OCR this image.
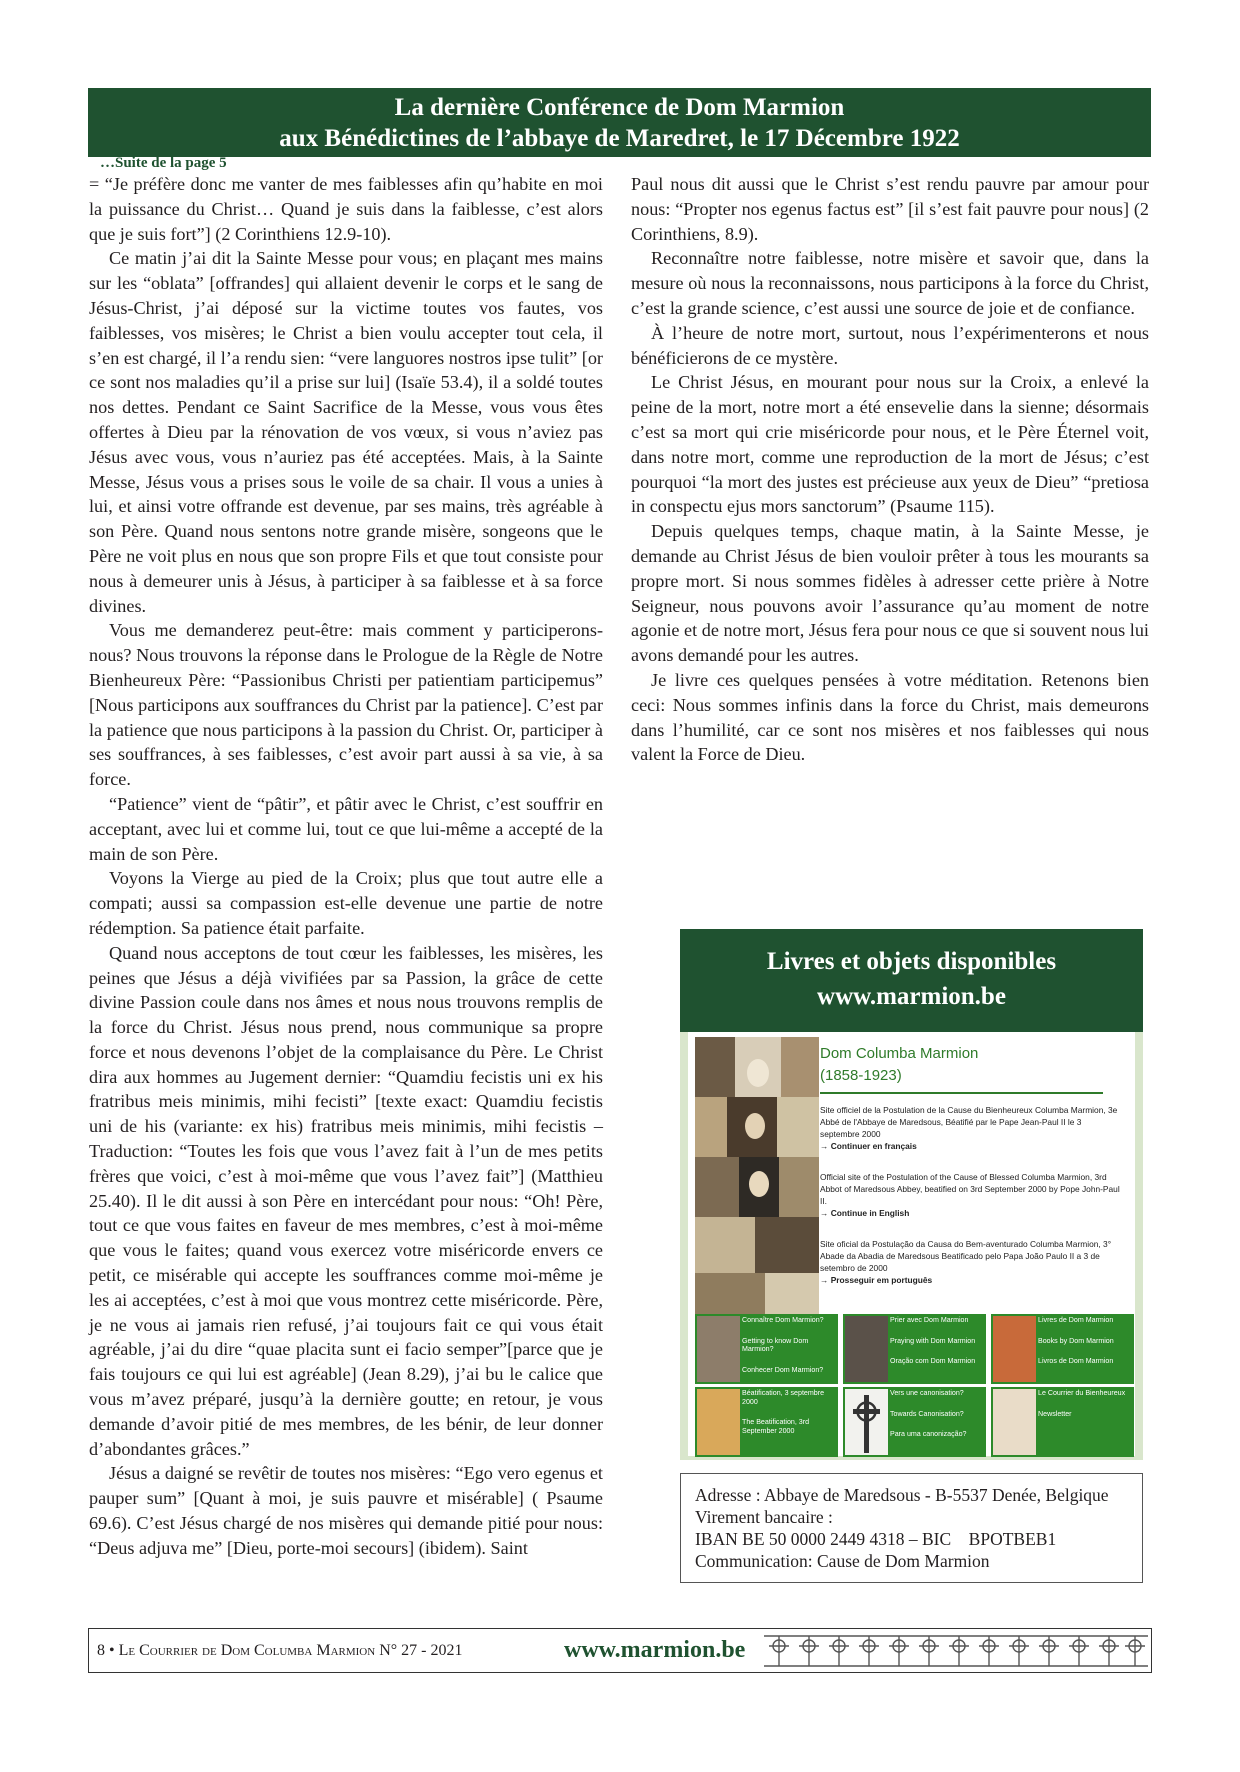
La dernière Conférence de Dom Marmion
aux Bénédictines de l’abbaye de Maredret, le 17 Décembre 1922
…Suite de la page 5

= “Je préfère donc me vanter de mes faiblesses afin qu’habite en moi la puissance du Christ… Quand je suis dans la faiblesse, c’est alors que je suis fort”] (2 Corinthiens 12.9-10).

Ce matin j’ai dit la Sainte Messe pour vous; en plaçant mes mains sur les “oblata” [offrandes] qui allaient devenir le corps et le sang de Jésus-Christ, j’ai déposé sur la victime toutes vos fautes, vos faiblesses, vos misères; le Christ a bien voulu accepter tout cela, il s’en est chargé, il l’a rendu sien: “vere languores nostros ipse tulit” [or ce sont nos maladies qu’il a prise sur lui] (Isaïe 53.4), il a soldé toutes nos dettes. Pendant ce Saint Sacrifice de la Messe, vous vous êtes offertes à Dieu par la rénovation de vos vœux, si vous n’aviez pas Jésus avec vous, vous n’auriez pas été acceptées. Mais, à la Sainte Messe, Jésus vous a prises sous le voile de sa chair. Il vous a unies à lui, et ainsi votre offrande est devenue, par ses mains, très agréable à son Père. Quand nous sentons notre grande misère, songeons que le Père ne voit plus en nous que son propre Fils et que tout consiste pour nous à demeurer unis à Jésus, à participer à sa faiblesse et à sa force divines.

Vous me demanderez peut-être: mais comment y participerons-nous? Nous trouvons la réponse dans le Prologue de la Règle de Notre Bienheureux Père: “Passionibus Christi per patientiam participemus” [Nous participons aux souffrances du Christ par la patience]. C’est par la patience que nous participons à la passion du Christ. Or, participer à ses souffrances, à ses faiblesses, c’est avoir part aussi à sa vie, à sa force.

“Patience” vient de “pâtir”, et pâtir avec le Christ, c’est souffrir en acceptant, avec lui et comme lui, tout ce que lui-même a accepté de la main de son Père.

Voyons la Vierge au pied de la Croix; plus que tout autre elle a compati; aussi sa compassion est-elle devenue une partie de notre rédemption. Sa patience était parfaite.

Quand nous acceptons de tout cœur les faiblesses, les misères, les peines que Jésus a déjà vivifiées par sa Passion, la grâce de cette divine Passion coule dans nos âmes et nous nous trouvons remplis de la force du Christ. Jésus nous prend, nous communique sa propre force et nous devenons l’objet de la complaisance du Père. Le Christ dira aux hommes au Jugement dernier: “Quamdiu fecistis uni ex his fratribus meis minimis, mihi fecisti” [texte exact: Quamdiu fecistis uni de his (variante: ex his) fratribus meis minimis, mihi fecistis – Traduction: “Toutes les fois que vous l’avez fait à l’un de mes petits frères que voici, c’est à moi-même que vous l’avez fait”] (Matthieu 25.40). Il le dit aussi à son Père en intercédant pour nous: “Oh! Père, tout ce que vous faites en faveur de mes membres, c’est à moi-même que vous le faites; quand vous exercez votre miséricorde envers ce petit, ce misérable qui accepte les souffrances comme moi-même je les ai acceptées, c’est à moi que vous montrez cette miséricorde. Père, je ne vous ai jamais rien refusé, j’ai toujours fait ce qui vous était agréable, j’ai du dire “quae placita sunt ei facio semper”[parce que je fais toujours ce qui lui est agréable] (Jean 8.29), j’ai bu le calice que vous m’avez préparé, jusqu’à la dernière goutte; en retour, je vous demande d’avoir pitié de mes membres, de les bénir, de leur donner d’abondantes grâces.”

Jésus a daigné se revêtir de toutes nos misères: “Ego vero egenus et pauper sum” [Quant à moi, je suis pauvre et misérable] ( Psaume 69.6). C’est Jésus chargé de nos misères qui demande pitié pour nous: “Deus adjuva me” [Dieu, porte-moi secours] (ibidem). Saint

Paul nous dit aussi que le Christ s’est rendu pauvre par amour pour nous: “Propter nos egenus factus est” [il s’est fait pauvre pour nous] (2 Corinthiens, 8.9).

Reconnaître notre faiblesse, notre misère et savoir que, dans la mesure où nous la reconnaissons, nous participons à la force du Christ, c’est la grande science, c’est aussi une source de joie et de confiance.

À l’heure de notre mort, surtout, nous l’expérimenterons et nous bénéficierons de ce mystère.

Le Christ Jésus, en mourant pour nous sur la Croix, a enlevé la peine de la mort, notre mort a été ensevelie dans la sienne; désormais c’est sa mort qui crie miséricorde pour nous, et le Père Éternel voit, dans notre mort, comme une reproduction de la mort de Jésus; c’est pourquoi “la mort des justes est précieuse aux yeux de Dieu” “pretiosa in conspectu ejus mors sanctorum” (Psaume 115).

Depuis quelques temps, chaque matin, à la Sainte Messe, je demande au Christ Jésus de bien vouloir prêter à tous les mourants sa propre mort. Si nous sommes fidèles à adresser cette prière à Notre Seigneur, nous pouvons avoir l’assurance qu’au moment de notre agonie et de notre mort, Jésus fera pour nous ce que si souvent nous lui avons demandé pour les autres.

Je livre ces quelques pensées à votre méditation. Retenons bien ceci: Nous sommes infinis dans la force du Christ, mais demeurons dans l’humilité, car ce sont nos misères et nos faiblesses qui nous valent la Force de Dieu.

Livres et objets disponibles
www.marmion.be
Dom Columba Marmion
(1858-1923)
Site officiel de la Postulation de la Cause du Bienheureux Columba Marmion, 3e Abbé de l'Abbaye de Maredsous, Béatifié par le Pape Jean-Paul II le 3 septembre 2000
→ Continuer en français
Official site of the Postulation of the Cause of Blessed Columba Marmion, 3rd Abbot of Maredsous Abbey, beatified on 3rd September 2000 by Pope John-Paul II.
→ Continue in English
Site oficial da Postulação da Causa do Bem-aventurado Columba Marmion, 3° Abade da Abadia de Maredsous Beatificado pelo Papa João Paulo II a 3 de setembro de 2000
→ Prosseguir em português
Connaître Dom Marmion?
Getting to know Dom Marmion?
Conhecer Dom Marmion?
Prier avec Dom Marmion
Praying with Dom Marmion
Oração com Dom Marmion
Livres de Dom Marmion
Books by Dom Marmion
Livros de Dom Marmion
Béatification, 3 septembre 2000
The Beatification, 3rd September 2000
Vers une canonisation?
Towards Canonisation?
Para uma canonização?
Le Courrier du Bienheureux
Newsletter
Adresse : Abbaye de Maredsous - B-5537 Denée, Belgique
Virement bancaire :
IBAN BE 50 0000 2449 4318 – BIC    BPOTBEB1
Communication: Cause de Dom Marmion
8 • Le Courrier de Dom Columba Marmion N° 27 - 2021	www.marmion.be
